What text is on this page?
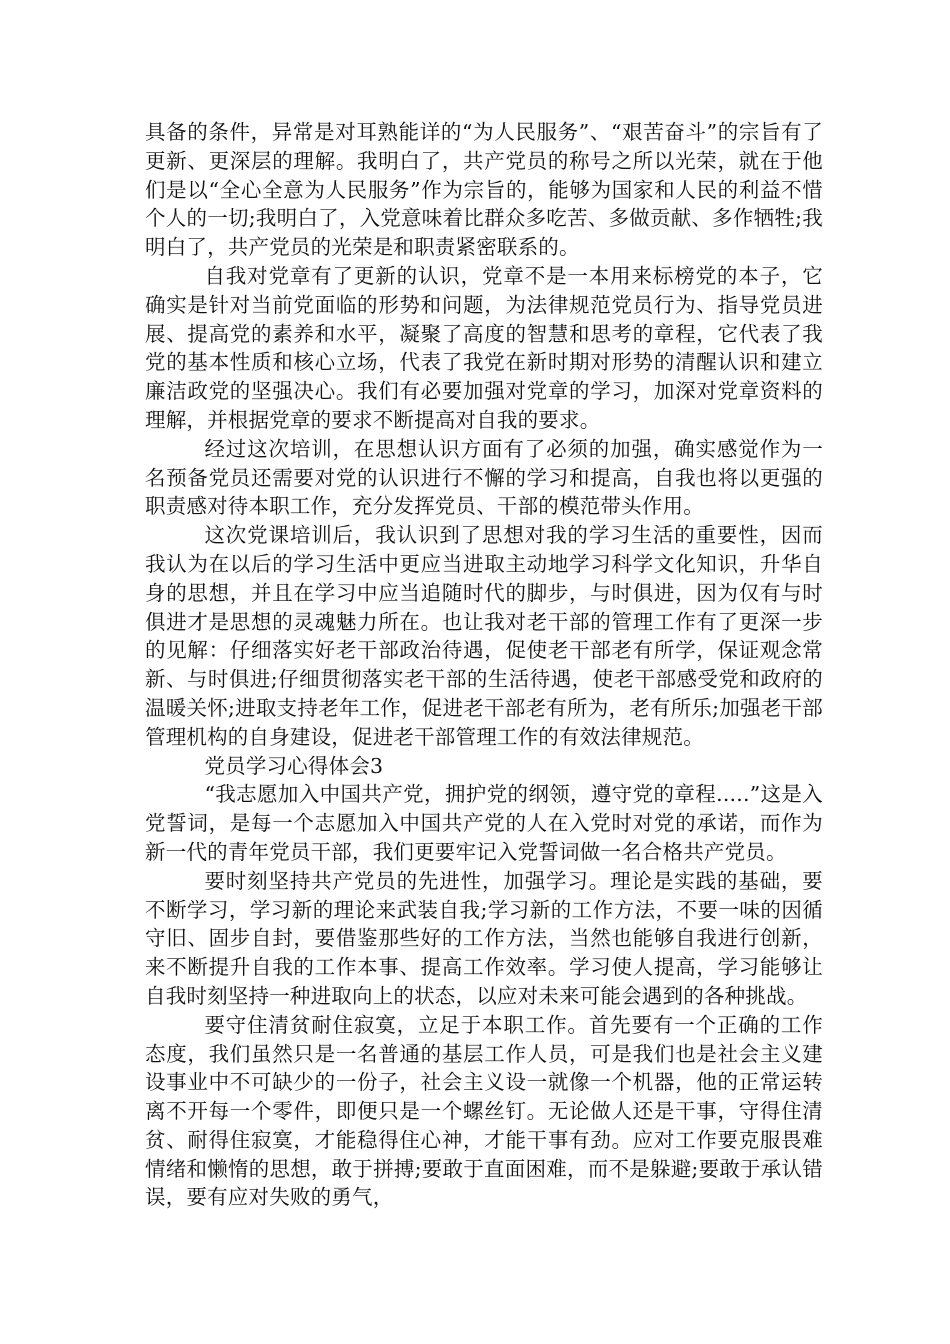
具备的条件，异常是对耳熟能详的“为人民服务”、“艰苦奋斗”的宗旨有了更新、更深层的理解。我明白了，共产党员的称号之所以光荣，就在于他们是以“全心全意为人民服务”作为宗旨的，能够为国家和人民的利益不惜个人的一切;我明白了，入党意味着比群众多吃苦、多做贡献、多作牺牲;我明白了，共产党员的光荣是和职责紧密联系的。

自我对党章有了更新的认识，党章不是一本用来标榜党的本子，它确实是针对当前党面临的形势和问题，为法律规范党员行为、指导党员进展、提高党的素养和水平，凝聚了高度的智慧和思考的章程，它代表了我党的基本性质和核心立场，代表了我党在新时期对形势的清醒认识和建立廉洁政党的坚强决心。我们有必要加强对党章的学习，加深对党章资料的理解，并根据党章的要求不断提高对自我的要求。

经过这次培训，在思想认识方面有了必须的加强，确实感觉作为一名预备党员还需要对党的认识进行不懈的学习和提高，自我也将以更强的职责感对待本职工作，充分发挥党员、干部的模范带头作用。

这次党课培训后，我认识到了思想对我的学习生活的重要性，因而我认为在以后的学习生活中更应当进取主动地学习科学文化知识，升华自身的思想，并且在学习中应当追随时代的脚步，与时俱进，因为仅有与时俱进才是思想的灵魂魅力所在。也让我对老干部的管理工作有了更深一步的见解：仔细落实好老干部政治待遇，促使老干部老有所学，保证观念常新、与时俱进;仔细贯彻落实老干部的生活待遇，使老干部感受党和政府的温暖关怀;进取支持老年工作，促进老干部老有所为，老有所乐;加强老干部管理机构的自身建设，促进老干部管理工作的有效法律规范。

党员学习心得体会3

“我志愿加入中国共产党，拥护党的纲领，遵守党的章程.....”这是入党誓词，是每一个志愿加入中国共产党的人在入党时对党的承诺，而作为新一代的青年党员干部，我们更要牢记入党誓词做一名合格共产党员。

要时刻坚持共产党员的先进性，加强学习。理论是实践的基础，要不断学习，学习新的理论来武装自我;学习新的工作方法，不要一味的因循守旧、固步自封，要借鉴那些好的工作方法，当然也能够自我进行创新，来不断提升自我的工作本事、提高工作效率。学习使人提高，学习能够让自我时刻坚持一种进取向上的状态，以应对未来可能会遇到的各种挑战。

要守住清贫耐住寂寞，立足于本职工作。首先要有一个正确的工作态度，我们虽然只是一名普通的基层工作人员，可是我们也是社会主义建设事业中不可缺少的一份子，社会主义设一就像一个机器，他的正常运转离不开每一个零件，即便只是一个螺丝钉。无论做人还是干事，守得住清贫、耐得住寂寞，才能稳得住心神，才能干事有劲。应对工作要克服畏难情绪和懒惰的思想，敢于拼搏;要敢于直面困难，而不是躲避;要敢于承认错误，要有应对失败的勇气，
